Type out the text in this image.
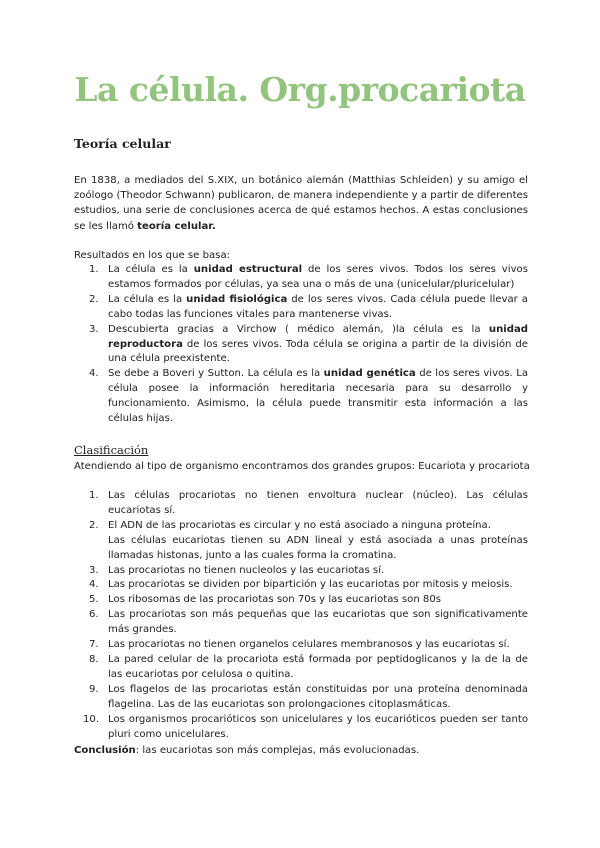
La célula. Org.procariota
Teoría celular

En 1838, a mediados del S.XIX, un botánico alemán (Matthias Schleiden) y su amigo el zoólogo (Theodor Schwann) publicaron, de manera independiente y a partir de diferentes estudios, una serie de conclusiones acerca de qué estamos hechos. A estas conclusiones se les llamó teoría celular.

Resultados en los que se basa:

1. La célula es la unidad estructural de los seres vivos. Todos los seres vivos estamos formados por células, ya sea una o más de una (unicelular/pluricelular)
2. La célula es la unidad fisiológica de los seres vivos. Cada célula puede llevar a cabo todas las funciones vitales para mantenerse vivas.
3. Descubierta gracias a Virchow ( médico alemán, )la célula es la unidad reproductora de los seres vivos. Toda célula se origina a partir de la división de una célula preexistente.
4. Se debe a Boveri y Sutton. La célula es la unidad genética de los seres vivos. La célula posee la información hereditaria necesaria para su desarrollo y funcionamiento. Asimismo, la célula puede transmitir esta información a las células hijas.

Clasificación

Atendiendo al tipo de organismo encontramos dos grandes grupos: Eucariota y procariota

1. Las células procariotas no tienen envoltura nuclear (núcleo). Las células eucariotas sí.
2. El ADN de las procariotas es circular y no está asociado a ninguna proteína.
Las células eucariotas tienen su ADN lineal y está asociada a unas proteínas llamadas histonas, junto a las cuales forma la cromatina.
3. Las procariotas no tienen nucleolos y las eucariotas sí.
4. Las procariotas se dividen por bipartición y las eucariotas por mitosis y meiosis.
5. Los ribosomas de las procariotas son 70s y las eucariotas son 80s
6. Las procariotas son más pequeñas que las eucariotas que son significativamente más grandes.
7. Las procariotas no tienen organelos celulares membranosos y las eucariotas sí.
8. La pared celular de la procariota está formada por peptidoglicanos y la de la de las eucariotas por celulosa o quitina.
9. Los flagelos de las procariotas están constituidas por una proteína denominada flagelina. Las de las eucariotas son prolongaciones citoplasmáticas.
10. Los organismos procarióticos son unicelulares y los eucarióticos pueden ser tanto pluri como unicelulares.

Conclusión: las eucariotas son más complejas, más evolucionadas.
